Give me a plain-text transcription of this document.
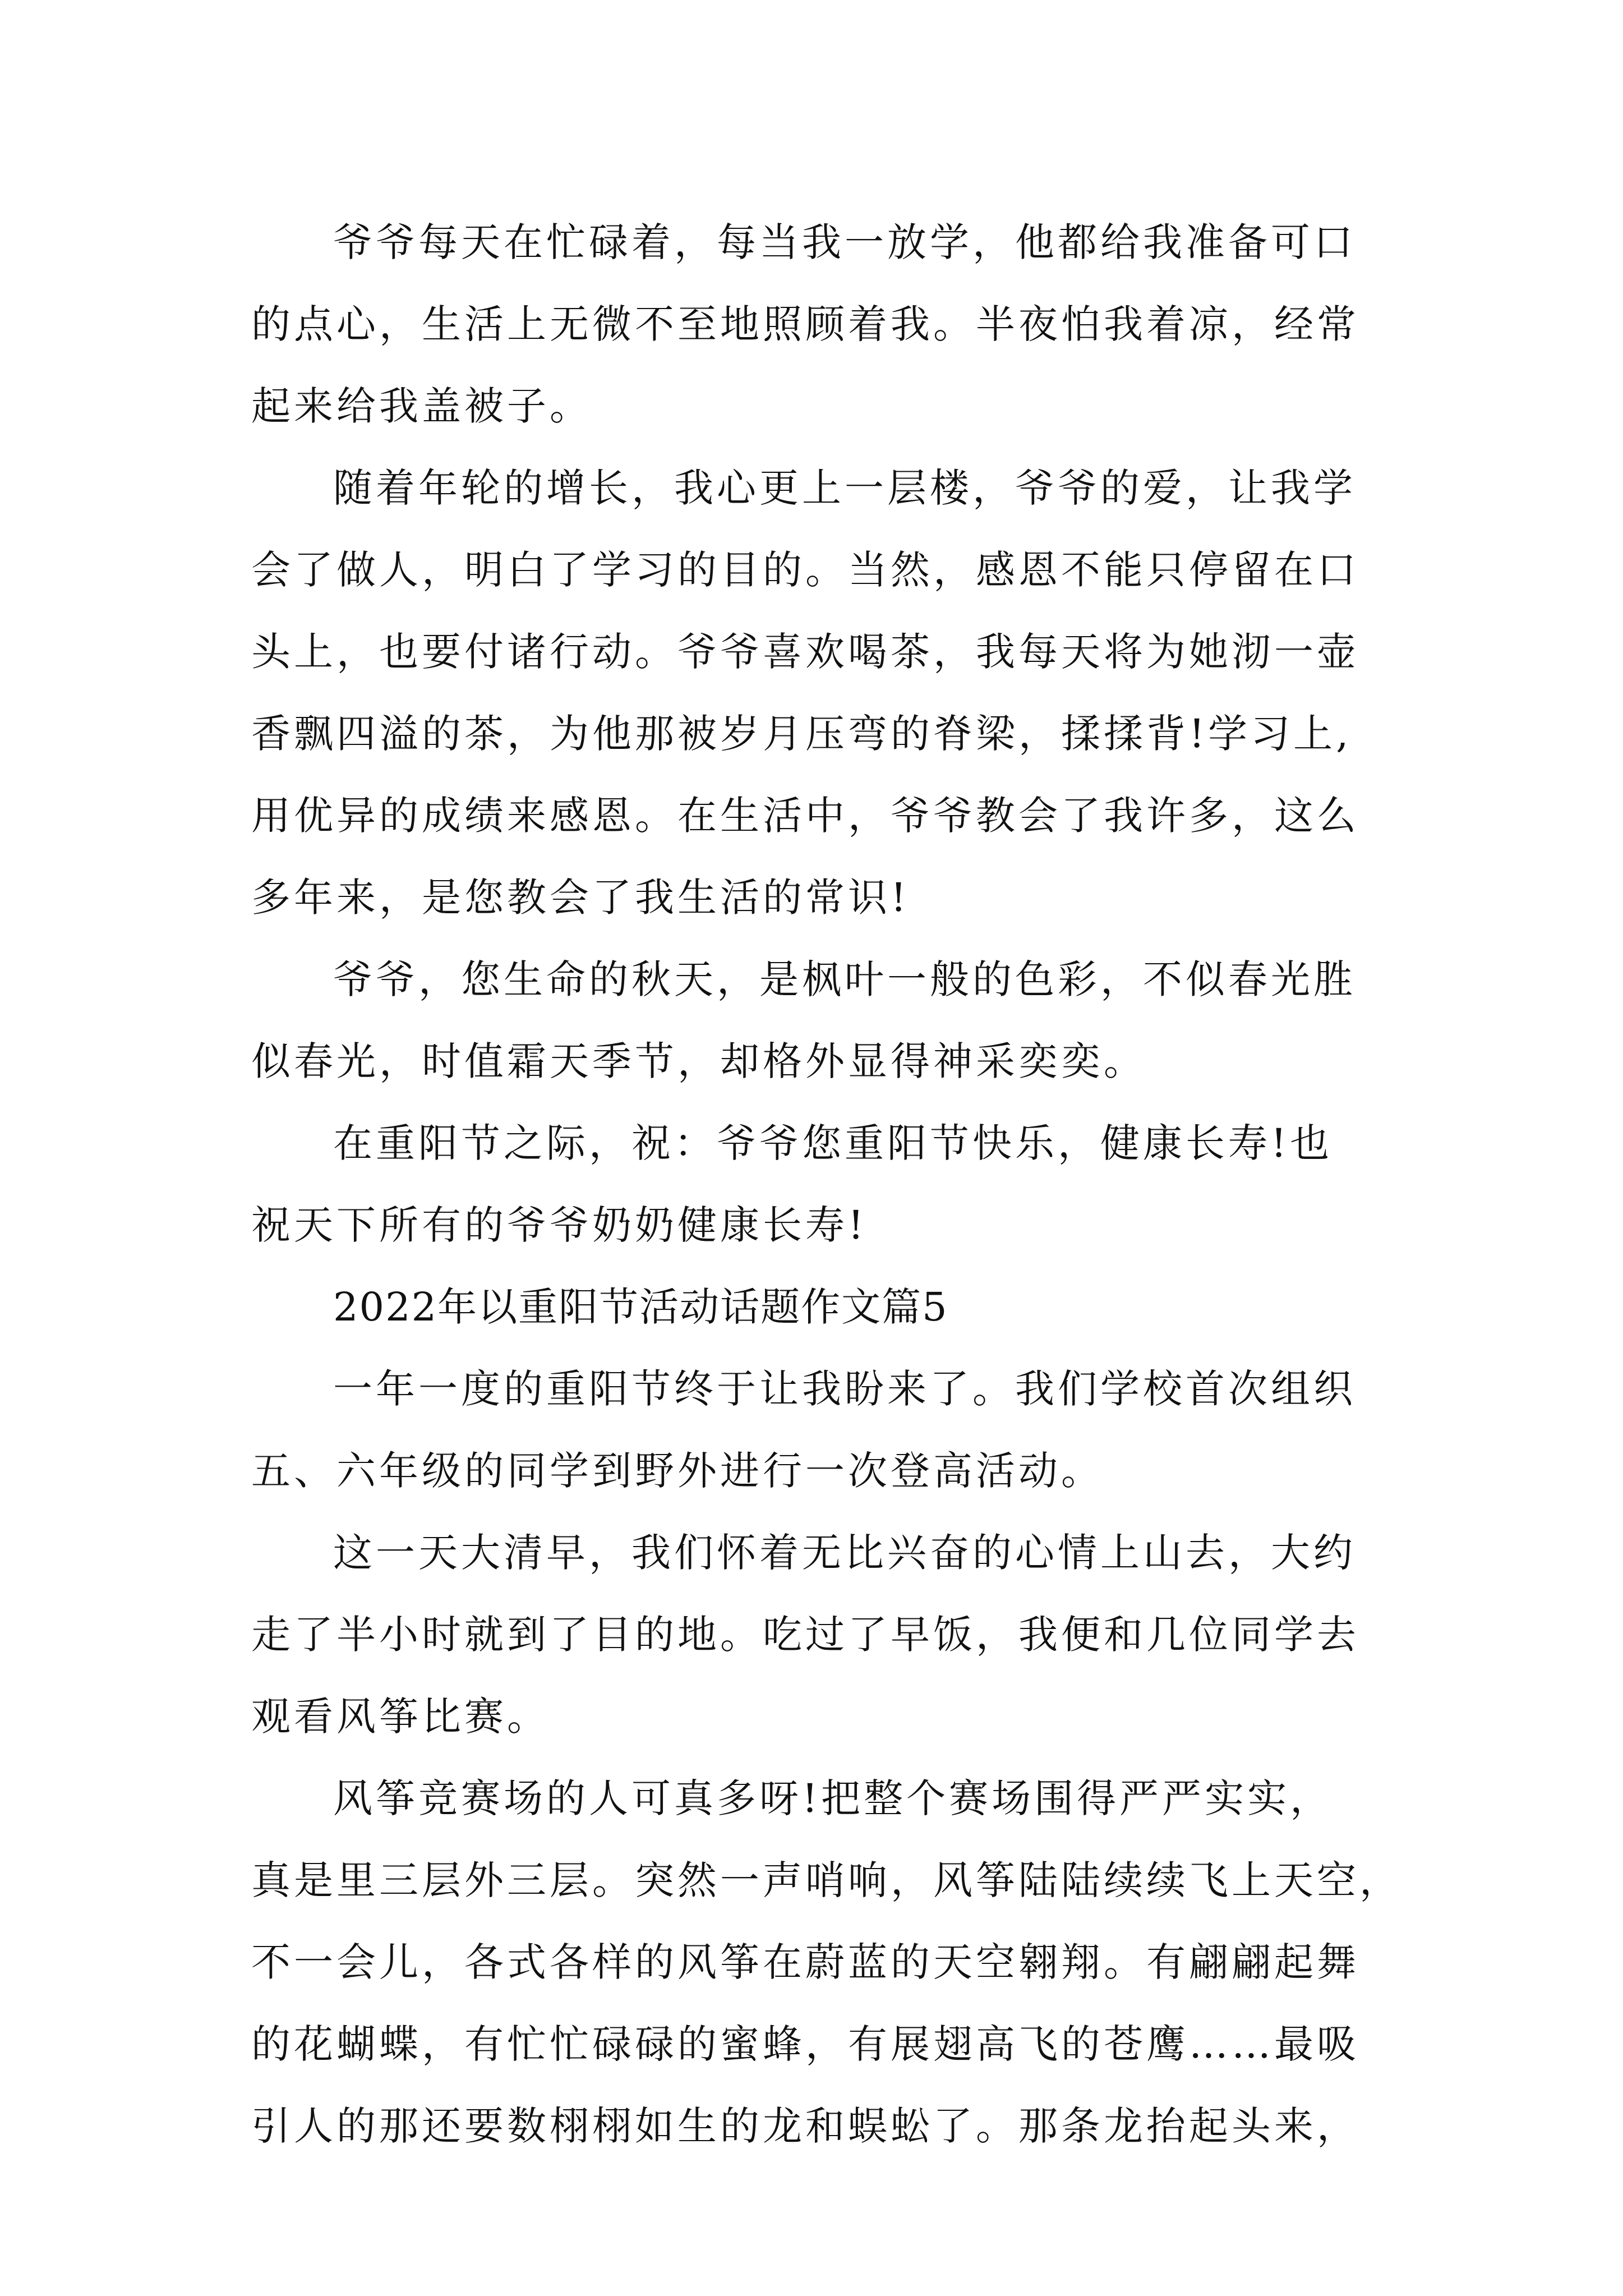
爷爷每天在忙碌着，每当我一放学，他都给我准备可口
的点心，生活上无微不至地照顾着我。半夜怕我着凉，经常
起来给我盖被子。
随着年轮的增长，我心更上一层楼，爷爷的爱，让我学
会了做人，明白了学习的目的。当然，感恩不能只停留在口
头上，也要付诸行动。爷爷喜欢喝茶，我每天将为她沏一壶
香飘四溢的茶，为他那被岁月压弯的脊梁，揉揉背!学习上,
用优异的成绩来感恩。在生活中，爷爷教会了我许多，这么
多年来，是您教会了我生活的常识!
爷爷，您生命的秋天，是枫叶一般的色彩，不似春光胜
似春光，时值霜天季节，却格外显得神采奕奕。
在重阳节之际，祝：爷爷您重阳节快乐，健康长寿!也
祝天下所有的爷爷奶奶健康长寿!
2022年以重阳节活动话题作文篇5
一年一度的重阳节终于让我盼来了。我们学校首次组织
五、六年级的同学到野外进行一次登高活动。
这一天大清早，我们怀着无比兴奋的心情上山去，大约
走了半小时就到了目的地。吃过了早饭，我便和几位同学去
观看风筝比赛。
风筝竞赛场的人可真多呀!把整个赛场围得严严实实，
真是里三层外三层。突然一声哨响，风筝陆陆续续飞上天空，
不一会儿，各式各样的风筝在蔚蓝的天空翱翔。有翩翩起舞
的花蝴蝶，有忙忙碌碌的蜜蜂，有展翅高飞的苍鹰……最吸
引人的那还要数栩栩如生的龙和蜈蚣了。那条龙抬起头来，
